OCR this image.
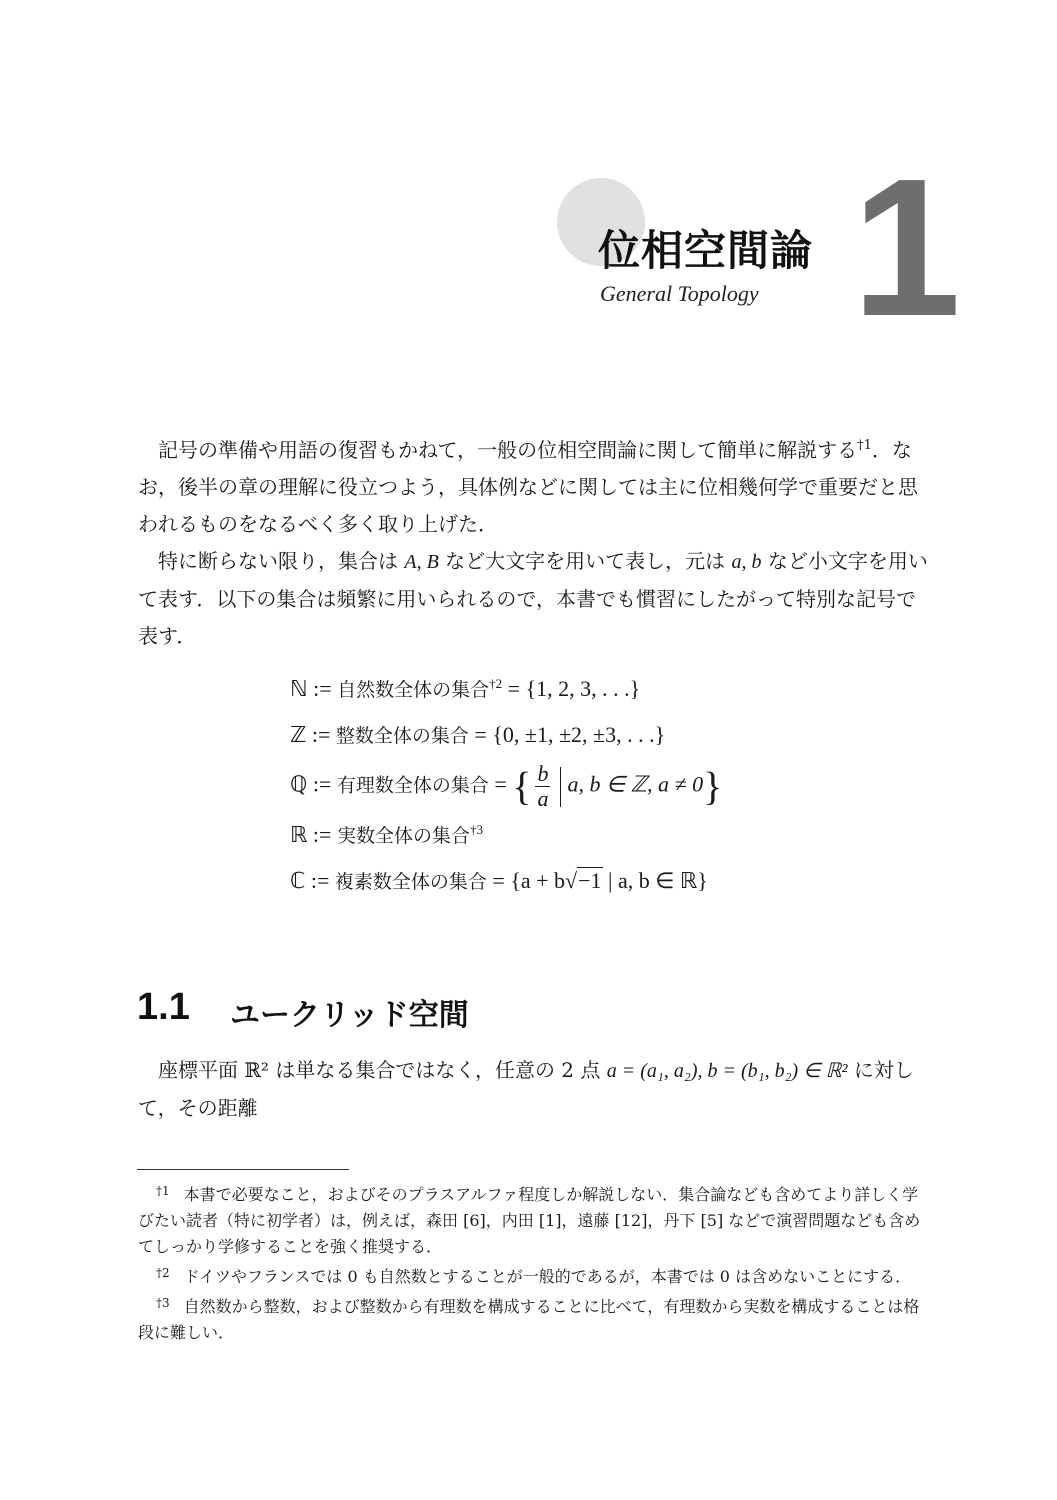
位相空間論
General Topology 1

記号の準備や用語の復習もかねて，一般の位相空間論に関して簡単に解説する$^{\dagger 1}$．なお，後半の章の理解に役立つよう，具体例などに関しては主に位相幾何学で重要だと思われるものをなるべく多く取り上げた．

特に断らない限り，集合は A, B など大文字を用いて表し，元は a, b など小文字を用いて表す．以下の集合は頻繁に用いられるので，本書でも慣習にしたがって特別な記号で表す．

ℕ := 自然数全体の集合$^{\dagger 2}$ = {1, 2, 3, . . .}
ℤ := 整数全体の集合 = {0, ±1, ±2, ±3, . . .}
ℚ := 有理数全体の集合 = { $\frac{b}{a} a$, b ∈ ℤ, a ≠ 0}
ℝ := 実数全体の集合$^{\dagger 3}$
ℂ := 複素数全体の集合 = {a + b√−1 | a, b ∈ ℝ}
1.1 ユークリッド空間

座標平面 ℝ² は単なる集合ではなく，任意の 2 点 a = (a₁, a₂), b = (b₁, b₂) ∈ ℝ² に対して，その距離

$^{\dagger 1}$ 本書で必要なこと，およびそのプラスアルファ程度しか解説しない．集合論なども含めてより詳しく学びたい読者（特に初学者）は，例えば，森田 [6]，内田 [1]，遠藤 [12]，丹下 [5] などで演習問題なども含めてしっかり学修することを強く推奨する．

$^{\dagger 2}$ ドイツやフランスでは 0 も自然数とすることが一般的であるが，本書では 0 は含めないことにする．

$^{\dagger 3}$ 自然数から整数，および整数から有理数を構成することに比べて，有理数から実数を構成することは格段に難しい．
